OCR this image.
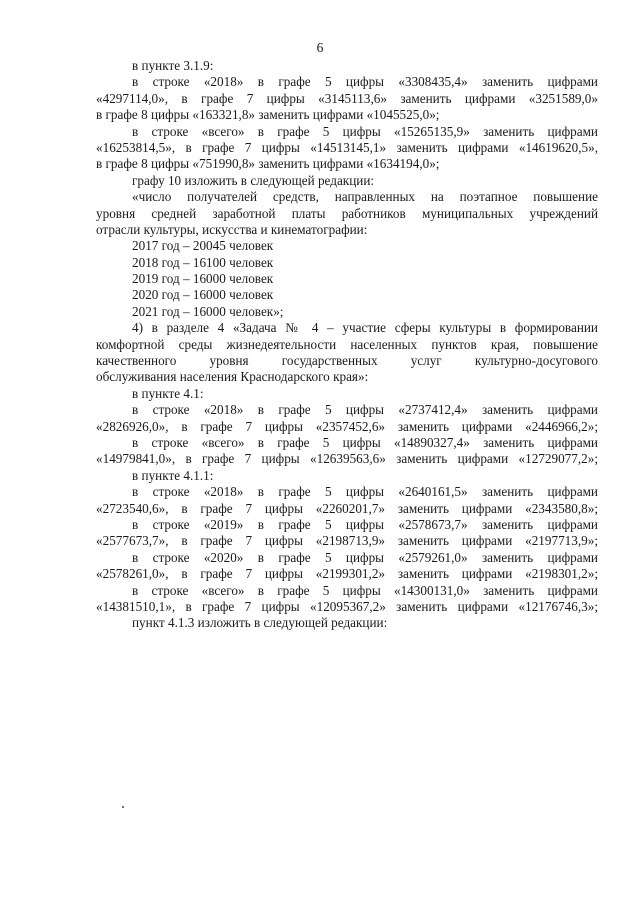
6
в пункте 3.1.9:
в строке «2018» в графе 5 цифры «3308435,4» заменить цифрами
«4297114,0», в графе 7 цифры «3145113,6» заменить цифрами «3251589,0»
в графе 8 цифры «163321,8» заменить цифрами «1045525,0»;
в строке «всего» в графе 5 цифры «15265135,9» заменить цифрами
«16253814,5», в графе 7 цифры «14513145,1» заменить цифрами «14619620,5»,
в графе 8 цифры «751990,8» заменить цифрами «1634194,0»;
графу 10 изложить в следующей редакции:
«число получателей средств, направленных на поэтапное повышение
уровня средней заработной платы работников муниципальных учреждений
отрасли культуры, искусства и кинематографии:
2017 год – 20045 человек
2018 год – 16100 человек
2019 год – 16000 человек
2020 год – 16000 человек
2021 год – 16000 человек»;
4) в разделе 4 «Задача № 4 – участие сферы культуры в формировании
комфортной среды жизнедеятельности населенных пунктов края, повышение
качественного уровня государственных услуг культурно-досугового
обслуживания населения Краснодарского края»:
в пункте 4.1:
в строке «2018» в графе 5 цифры «2737412,4» заменить цифрами
«2826926,0», в графе 7 цифры «2357452,6» заменить цифрами «2446966,2»;
в строке «всего» в графе 5 цифры «14890327,4» заменить цифрами
«14979841,0», в графе 7 цифры «12639563,6» заменить цифрами «12729077,2»;
в пункте 4.1.1:
в строке «2018» в графе 5 цифры «2640161,5» заменить цифрами
«2723540,6», в графе 7 цифры «2260201,7» заменить цифрами «2343580,8»;
в строке «2019» в графе 5 цифры «2578673,7» заменить цифрами
«2577673,7», в графе 7 цифры «2198713,9» заменить цифрами «2197713,9»;
в строке «2020» в графе 5 цифры «2579261,0» заменить цифрами
«2578261,0», в графе 7 цифры «2199301,2» заменить цифрами «2198301,2»;
в строке «всего» в графе 5 цифры «14300131,0» заменить цифрами
«14381510,1», в графе 7 цифры «12095367,2» заменить цифрами «12176746,3»;
пункт 4.1.3 изложить в следующей редакции:
